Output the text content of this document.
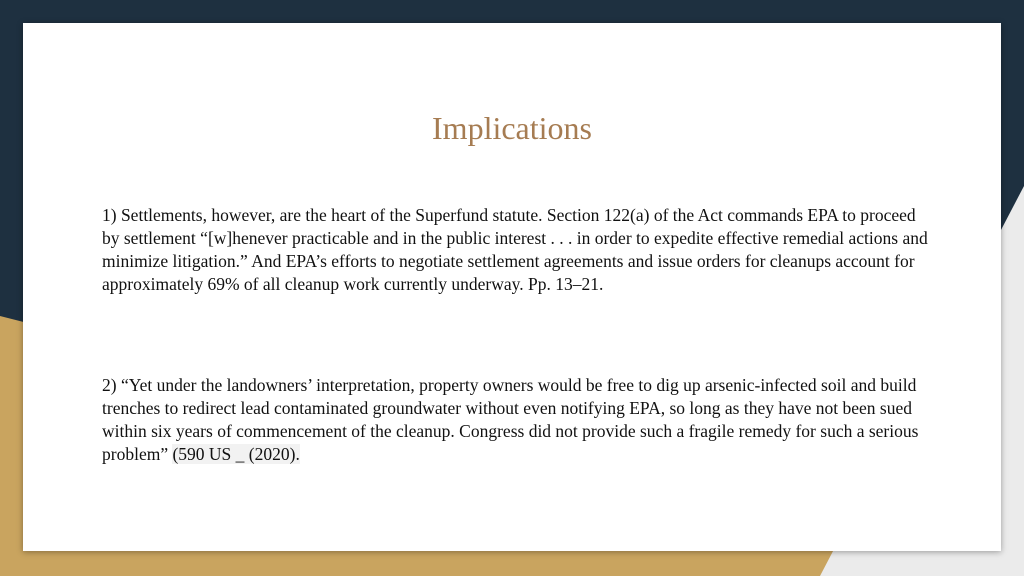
Implications

1) Settlements, however, are the heart of the Superfund statute. Section 122(a) of the Act commands EPA to proceed by settlement “[w]henever practicable and in the public interest . . . in order to expedite effective remedial actions and minimize litigation.” And EPA’s efforts to negotiate settlement agreements and issue orders for cleanups account for approximately 69% of all cleanup work currently underway. Pp. 13–21.

2) “Yet under the landowners’ interpretation, property owners would be free to dig up arsenic-infected soil and build trenches to redirect lead contaminated groundwater without even notifying EPA, so long as they have not been sued within six years of commencement of the cleanup. Congress did not provide such a fragile remedy for such a serious problem” (590 US _ (2020).
